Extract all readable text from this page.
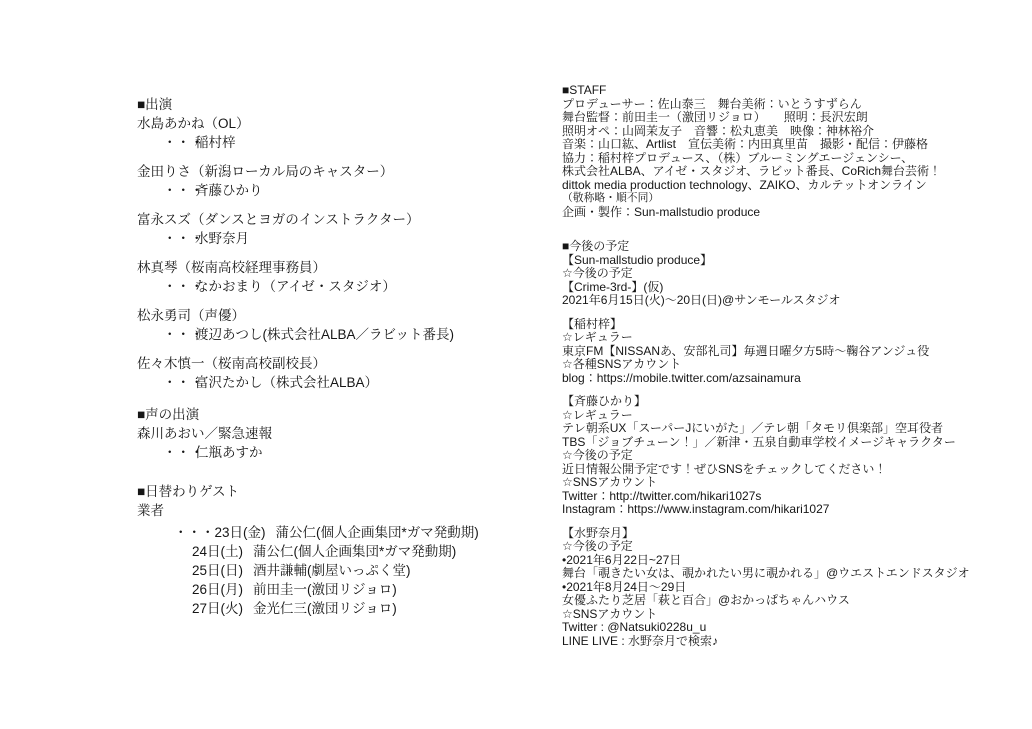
■出演
水島あかね（OL）
・・・稲村梓
金田りさ（新潟ローカル局のキャスター）
・・・斉藤ひかり
富永スズ（ダンスとヨガのインストラクター）
・・・水野奈月
林真琴（桜南高校経理事務員）
・・・なかおまり（アイゼ・スタジオ）
松永勇司（声優）
・・・渡辺あつし(株式会社ALBA／ラビット番長)
佐々木慎一（桜南高校副校長）
・・・富沢たかし（株式会社ALBA）
■声の出演
森川あおい／緊急速報
・・・仁瓶あすか
■日替わりゲスト
業者
・・・ 23日(金) 蒲公仁(個人企画集団*ガマ発動期)
24日(土) 蒲公仁(個人企画集団*ガマ発動期)
25日(日) 酒井謙輔(劇屋いっぷく堂)
26日(月) 前田圭一(激団リジョロ)
27日(火) 金光仁三(激団リジョロ)
■STAFF
プロデューサー：佐山泰三　舞台美術：いとうすずらん
舞台監督：前田圭一（激団リジョロ）　　照明：長沢宏朗
照明オペ：山岡茉友子　音響：松丸恵美　映像：神林裕介
音楽：山口紘、Artlist　宣伝美術：内田真里苗　撮影・配信：伊藤格
協力：稲村梓プロデュース、（株）ブルーミングエージェンシー、
株式会社ALBA、アイゼ・スタジオ、ラビット番長、CoRich舞台芸術！
dittok media production technology、ZAIKO、カルテットオンライン
（敬称略・順不同）
企画・製作：Sun-mallstudio produce
■今後の予定
【Sun-mallstudio produce】
☆今後の予定
【Crime-3rd-】(仮)
2021年6月15日(火)〜20日(日)@サンモールスタジオ
【稲村梓】
☆レギュラー
東京FM【NISSANあ、安部礼司】毎週日曜夕方5時〜鞠谷アンジュ役
☆各種SNSアカウント
blog：https://mobile.twitter.com/azsainamura
【斉藤ひかり】
☆レギュラー
テレ朝系UX「スーパーJにいがた」／テレ朝「タモリ倶楽部」空耳役者
TBS「ジョブチューン！」／新津・五泉自動車学校イメージキャラクター
☆今後の予定
近日情報公開予定です！ぜひSNSをチェックしてください！
☆SNSアカウント
Twitter：http://twitter.com/hikari1027s
Instagram：https://www.instagram.com/hikari1027
【水野奈月】
☆今後の予定
•2021年6月22日~27日
舞台「覗きたい女は、覗かれたい男に覗かれる」@ウエストエンドスタジオ
•2021年8月24日〜29日
女優ふたり芝居「萩と百合」@おかっぱちゃんハウス
☆SNSアカウント
Twitter : @Natsuki0228u_u
LINE LIVE : 水野奈月で検索♪
